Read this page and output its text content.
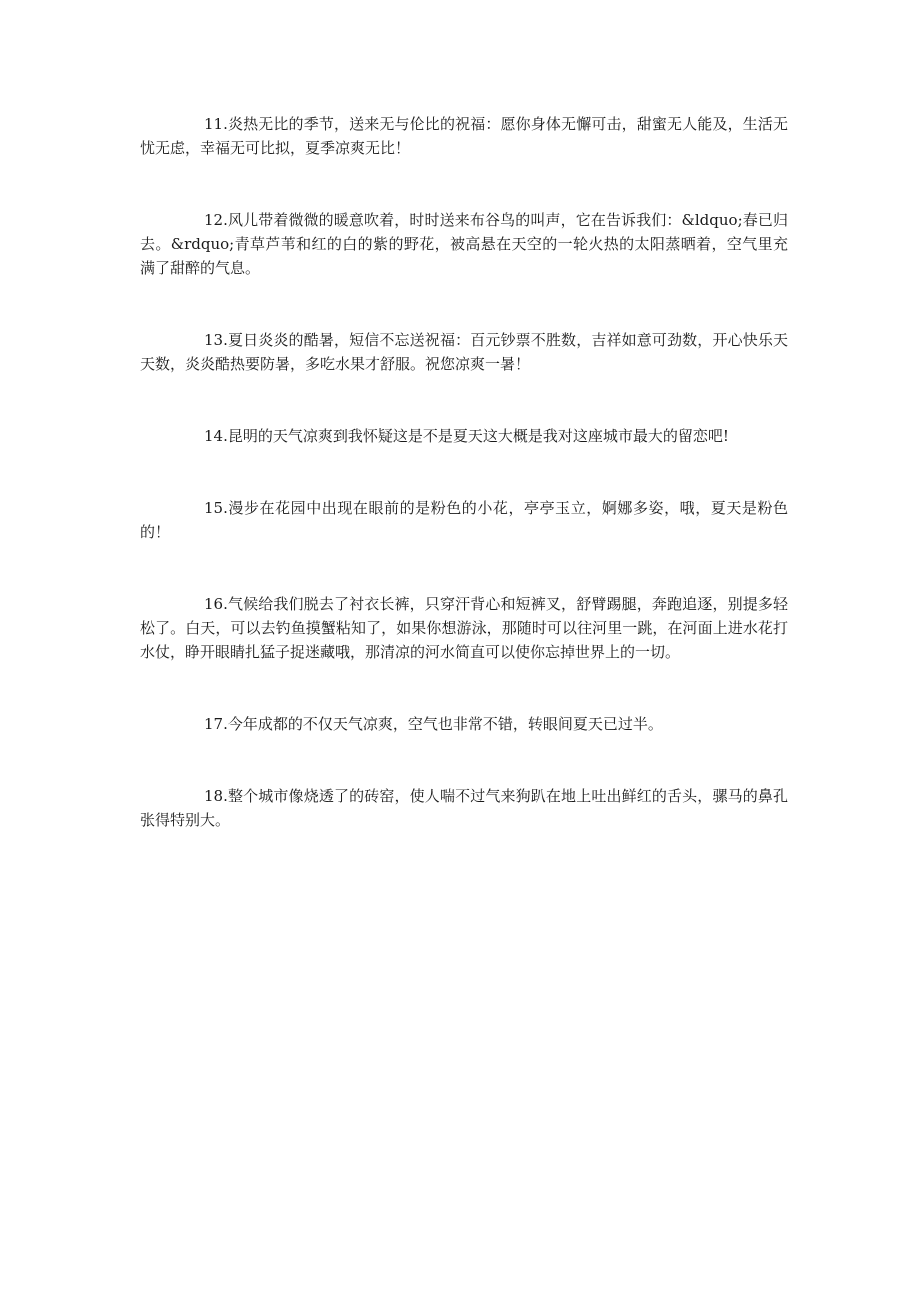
11.炎热无比的季节，送来无与伦比的祝福：愿你身体无懈可击，甜蜜无人能及，生活无忧无虑，幸福无可比拟，夏季凉爽无比！

12.风儿带着微微的暖意吹着，时时送来布谷鸟的叫声，它在告诉我们：&ldquo;春已归去。&rdquo;青草芦苇和红的白的紫的野花，被高悬在天空的一轮火热的太阳蒸晒着，空气里充满了甜醉的气息。

13.夏日炎炎的酷暑，短信不忘送祝福：百元钞票不胜数，吉祥如意可劲数，开心快乐天天数，炎炎酷热要防暑，多吃水果才舒服。祝您凉爽一暑！

14.昆明的天气凉爽到我怀疑这是不是夏天这大概是我对这座城市最大的留恋吧!

15.漫步在花园中出现在眼前的是粉色的小花，亭亭玉立，婀娜多姿，哦，夏天是粉色的！

16.气候给我们脱去了衬衣长裤，只穿汗背心和短裤叉，舒臂踢腿，奔跑追逐，别提多轻松了。白天，可以去钓鱼摸蟹粘知了，如果你想游泳，那随时可以往河里一跳，在河面上进水花打水仗，睁开眼睛扎猛子捉迷藏哦，那清凉的河水简直可以使你忘掉世界上的一切。

17.今年成都的不仅天气凉爽，空气也非常不错，转眼间夏天已过半。

18.整个城市像烧透了的砖窑，使人喘不过气来狗趴在地上吐出鲜红的舌头，骡马的鼻孔张得特别大。
